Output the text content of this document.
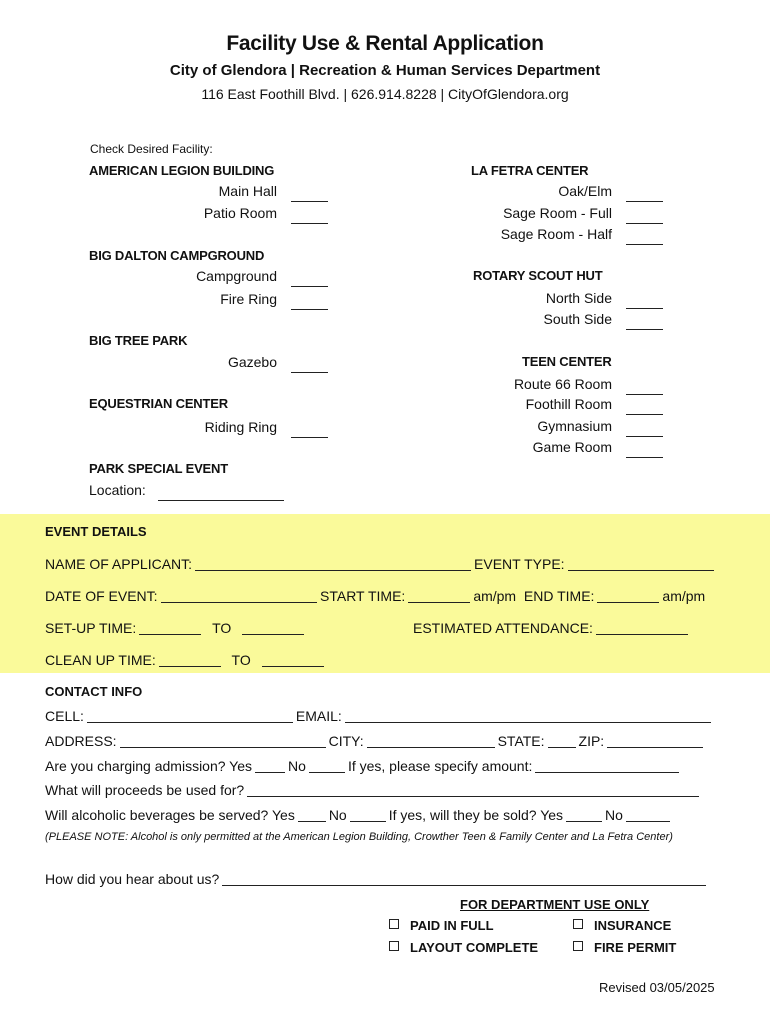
Facility Use & Rental Application
City of Glendora | Recreation & Human Services Department
116 East Foothill Blvd. | 626.914.8228 | CityOfGlendora.org
Check Desired Facility:
AMERICAN LEGION BUILDING
Main Hall
Patio Room
BIG DALTON CAMPGROUND
Campground
Fire Ring
BIG TREE PARK
Gazebo
EQUESTRIAN CENTER
Riding Ring
PARK SPECIAL EVENT
Location:
LA FETRA CENTER
Oak/Elm
Sage Room - Full
Sage Room - Half
ROTARY SCOUT HUT
North Side
South Side
TEEN CENTER
Route 66 Room
Foothill Room
Gymnasium
Game Room
EVENT DETAILS
NAME OF APPLICANT:	EVENT TYPE:
DATE OF EVENT:	START TIME:	am/pm END TIME:	am/pm
SET-UP TIME:	TO	ESTIMATED ATTENDANCE:
CLEAN UP TIME:	TO
CONTACT INFO
CELL:	EMAIL:
ADDRESS:	CITY:	STATE: ZIP:
Are you charging admission? Yes	No	If yes, please specify amount:
What will proceeds be used for?
Will alcoholic beverages be served? Yes No	If yes, will they be sold? Yes	No
(PLEASE NOTE: Alcohol is only permitted at the American Legion Building, Crowther Teen & Family Center and La Fetra Center)
How did you hear about us?
FOR DEPARTMENT USE ONLY
PAID IN FULL	INSURANCE
LAYOUT COMPLETE	FIRE PERMIT
Revised 03/05/2025
